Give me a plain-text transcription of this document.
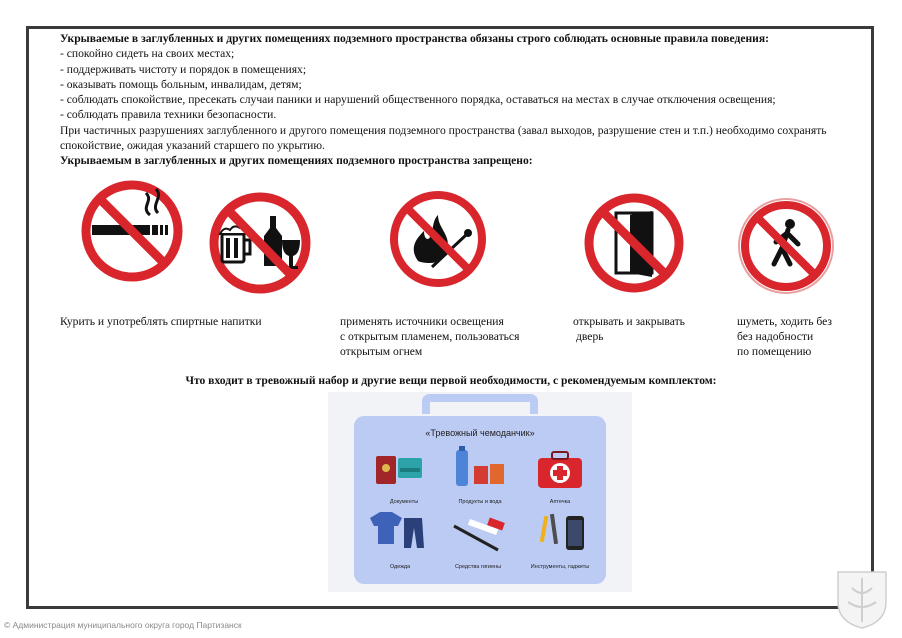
Укрываемые в заглубленных и других помещениях подземного пространства обязаны строго соблюдать основные правила поведения:

- спокойно сидеть на своих местах;

- поддерживать чистоту и порядок в помещениях;

- оказывать помощь больным, инвалидам, детям;

- соблюдать спокойствие, пресекать случаи паники и нарушений общественного порядка, оставаться на местах в случае отключения освещения;

- соблюдать правила техники безопасности.

При частичных разрушениях заглубленного и другого помещения подземного пространства (завал выходов, разрушение стен и т.п.) необходимо сохранять спокойствие, ожидая указаний старшего по укрытию.

Укрываемым в заглубленных и других помещениях подземного пространства запрещено:

Курить и употреблять спиртные напитки	применять источники освещения
с открытым пламенем, пользоваться
открытым огнем
открывать и закрывать
дверь
шуметь, ходить без
без надобности
по помещению
Что входит в тревожный набор и другие вещи первой необходимости, с рекомендуемым комплектом:
«Тревожный чемоданчик»
Документы	Продукты и вода	Аптечка
Одежда	Средства гигиены	Инструменты, гаджеты
© Администрация муниципального округа город Партизанск
